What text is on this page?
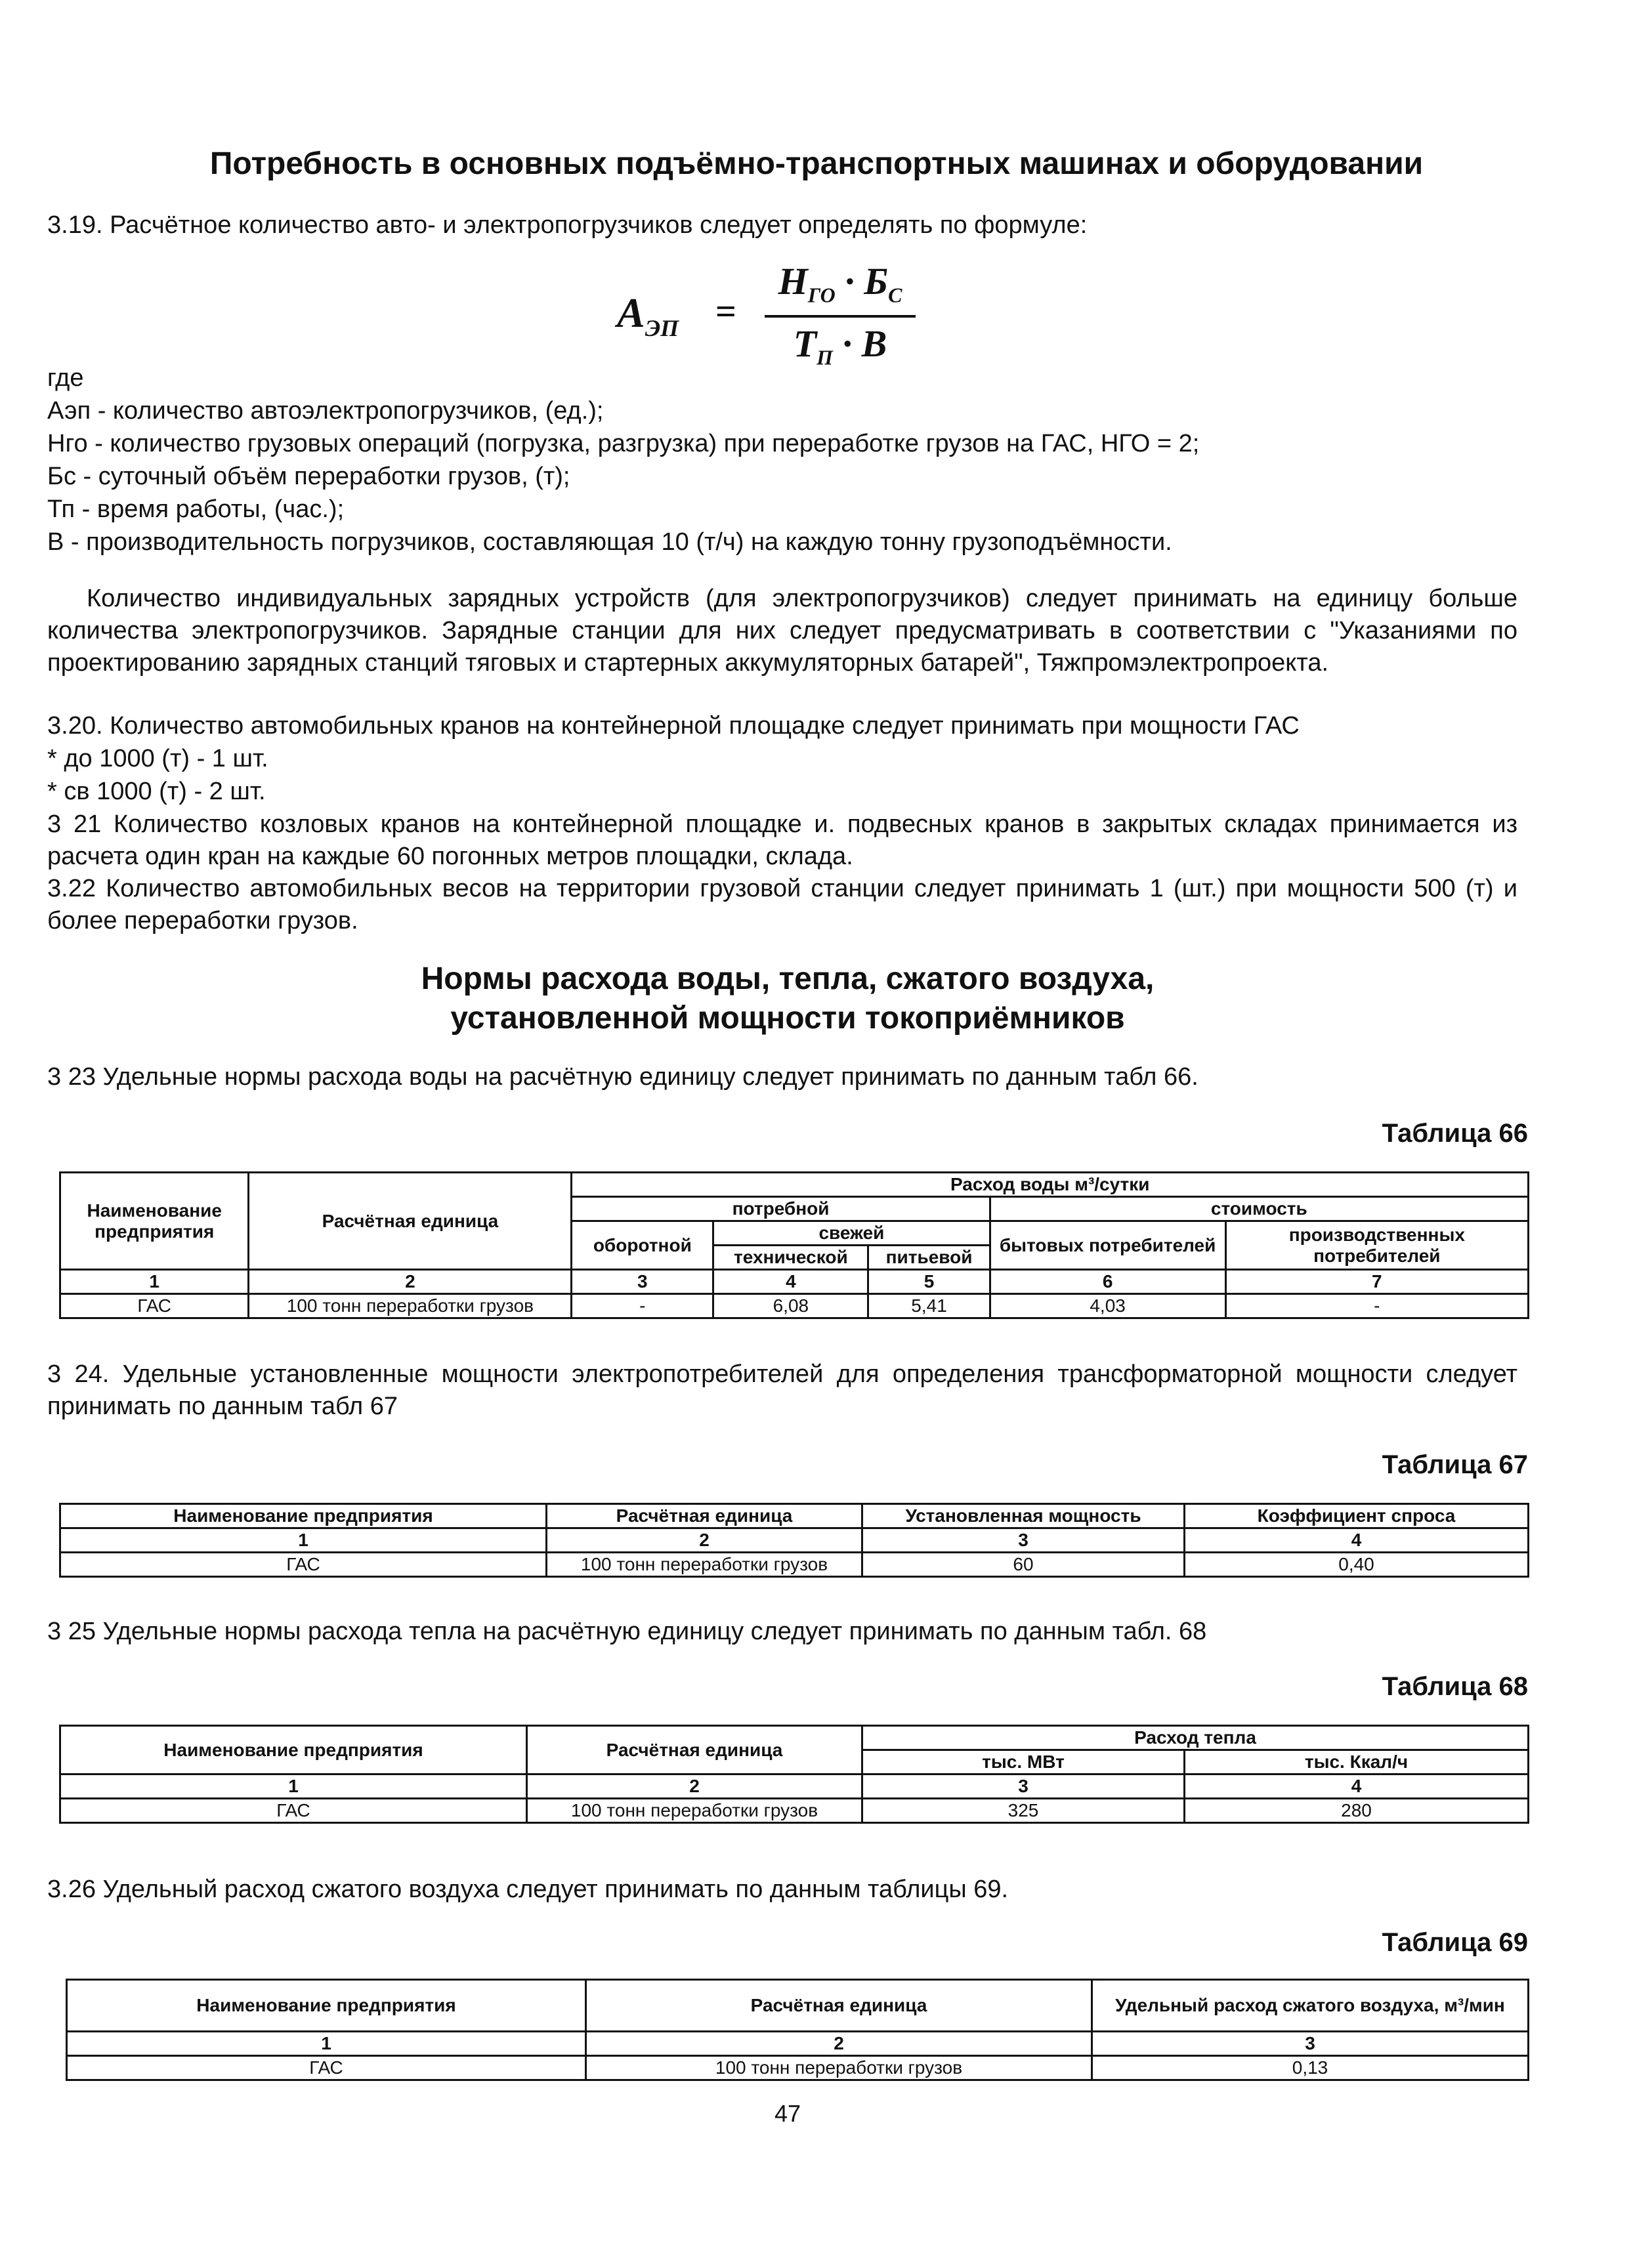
Потребность в основных подъёмно-транспортных машинах и оборудовании
3.19. Расчётное количество авто- и электропогрузчиков следует определять по формуле:
$A_{ЭП}$ =
$H_{ГО} \cdot Б_С$
$T_П \cdot B$
где
Аэп - количество автоэлектропогрузчиков, (ед.);
Нго - количество грузовых операций (погрузка, разгрузка) при переработке грузов на ГАС, НГО = 2;
Бс - суточный объём переработки грузов, (т);
Тп - время работы, (час.);
В - производительность погрузчиков, составляющая 10 (т/ч) на каждую тонну грузоподъёмности.
Количество индивидуальных зарядных устройств (для электропогрузчиков) следует принимать на единицу больше количества электропогрузчиков. Зарядные станции для них следует предусматривать в соответствии с "Указаниями по проектированию зарядных станций тяговых и стартерных аккумуляторных батарей", Тяжпромэлектропроекта.
3.20. Количество автомобильных кранов на контейнерной площадке следует принимать при мощности ГАС
* до 1000 (т) - 1 шт.
* св 1000 (т) - 2 шт.
3 21 Количество козловых кранов на контейнерной площадке и. подвесных кранов в закрытых складах принимается из расчета один кран на каждые 60 погонных метров площадки, склада.
3.22 Количество автомобильных весов на территории грузовой станции следует принимать 1 (шт.) при мощности 500 (т) и более переработки грузов.
Нормы расхода воды, тепла, сжатого воздуха,
установленной мощности токоприёмников
3 23 Удельные нормы расхода воды на расчётную единицу следует принимать по данным табл 66.
Таблица 66
Наименование предприятия	Расчётная единица	Расход воды м³/сутки				
		потребной			стоимость	
		оборотной	свежей		бытовых потребителей	производственных потребителей
			технической	питьевой		
1	2	3	4	5	6	7
ГАС	100 тонн переработки грузов	-	6,08	5,41	4,03	-
3 24. Удельные установленные мощности электропотребителей для определения трансформаторной мощности следует принимать по данным табл 67
Таблица 67
Наименование предприятия	Расчётная единица	Установленная мощность	Коэффициент спроса
1	2	3	4
ГАС	100 тонн переработки грузов	60	0,40
3 25 Удельные нормы расхода тепла на расчётную единицу следует принимать по данным табл. 68
Таблица 68
Наименование предприятия	Расчётная единица	Расход тепла	
		тыс. МВт	тыс. Ккал/ч
1	2	3	4
ГАС	100 тонн переработки грузов	325	280
3.26 Удельный расход сжатого воздуха следует принимать по данным таблицы 69.
Таблица 69
Наименование предприятия	Расчётная единица	Удельный расход сжатого воздуха, м³/мин
1	2	3
ГАС	100 тонн переработки грузов	0,13
47
